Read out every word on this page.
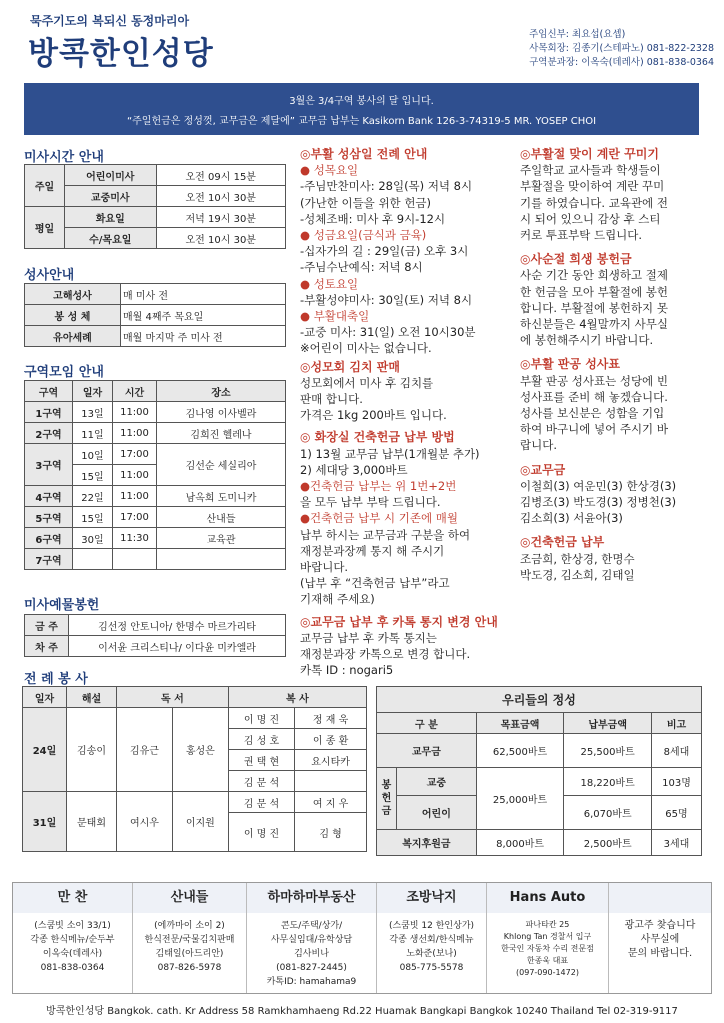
묵주기도의 복되신 동정마리아
방콕한인성당
주임신부: 최요섭(요셉)
사목회장: 김종기(스테파노) 081-822-2328
구역분과장: 이옥숙(데레사) 081-838-0364
3월은 3/4구역 봉사의 달 입니다.
“주일헌금은 정성껏, 교무금은 제달에” 교무금 납부는 Kasikorn Bank 126-3-74319-5 MR. YOSEP CHOI
미사시간 안내
주일	어린이미사	오전 09시 15분
	교중미사	오전 10시 30분
평일	화요일	저녁 19시 30분
	수/목요일	오전 10시 30분
성사안내
고해성사	매 미사 전
봉 성 체	매월 4째주 목요일
유아세례	매월 마지막 주 미사 전
구역모임 안내
구역	일자	시간	장소
1구역	13일	11:00	김나영 이사벨라
2구역	11일	11:00	김희진 헬레나
3구역	10일	17:00	김선순 세실리아
	15일	11:00	
4구역	22일	11:00	남옥희 도미니카
5구역	15일	17:00	산내들
6구역	30일	11:30	교육관
7구역			
미사예물봉헌
금 주	김선정 안토니아/ 한명수 마르가리타
차 주	이서윤 크리스티나/ 이다윤 미카엘라
◎부활 성삼일 전례 안내
● 성목요일
-주님만찬미사: 28일(목) 저녁 8시
(가난한 이들을 위한 헌금)
-성체조배: 미사 후 9시-12시
● 성금요일(금식과 금육)
-십자가의 길 : 29일(금) 오후 3시
-주님수난예식: 저녁 8시
● 성토요일
-부활성야미사: 30일(토) 저녁 8시
● 부활대축일
-교중 미사: 31(일) 오전 10시30분
※어린이 미사는 없습니다.
◎성모회 김치 판매
성모회에서 미사 후 김치를
판매 합니다.
가격은 1kg 200바트 입니다.
◎ 화장실 건축헌금 납부 방법
1) 13월 교무금 납부(1개월분 추가)
2) 세대당 3,000바트
●건축헌금 납부는 위 1번+2번
을 모두 납부 부탁 드립니다.
●건축헌금 납부 시 기존에 매월
납부 하시는 교무금과 구분을 하여
재정분과장께 통지 해 주시기
바랍니다.
(납부 후 “건축헌금 납부”라고
기재해 주세요)
◎교무금 납부 후 카톡 통지 변경 안내
교무금 납부 후 카톡 통지는
재정분과장 카톡으로 변경 합니다.
카톡 ID : nogari5
◎부활절 맞이 계란 꾸미기
주일학교 교사들과 학생들이
부활절을 맞이하여 계란 꾸미
기를 하였습니다. 교육관에 전
시 되어 있으니 감상 후 스티
커로 투표부탁 드립니다.
◎사순절 희생 봉헌금
사순 기간 동안 희생하고 절제
한 헌금을 모아 부활절에 봉헌
합니다. 부활절에 봉헌하지 못
하신분들은 4월말까지 사무실
에 봉헌해주시기 바랍니다.
◎부활 판공 성사표
부활 판공 성사표는 성당에 빈
성사표를 준비 해 놓겠습니다.
성사를 보신분은 성함을 기입
하여 바구니에 넣어 주시기 바
랍니다.
◎교무금
이철희(3) 여운민(3) 한상경(3)
김병조(3) 박도경(3) 정병천(3)
김소희(3) 서윤아(3)
◎건축헌금 납부
조금희, 한상경, 한명수
박도경, 김소희, 김태일
전 례 봉 사
일자	해설	독 서		복 사	
24일	김송이	김유근	홍성은	이 명 진	정 재 욱
				김 성 호	이 종 환
				권 택 현	요시타카
				김 문 석	
31일	문태회	여시우	이지원	김 문 석	여 지 우
				이 명 진	김 형
우리들의 정성				
구 분		목표금액	납부금액	비고
교무금		62,500바트	25,500바트	8세대
봉헌금	교중	25,000바트	18,220바트	103명
	어린이		6,070바트	65명
복지후원금		8,000바트	2,500바트	3세대
만 찬
(스쿰빗 소이 33/1)
각종 한식메뉴/순두부
이옥숙(데레사)
081-838-0364
산내들
(에까마이 소이 2)
한식전문/국물김치판매
김태일(아드리안)
087-826-5978
하마하마부동산
콘도/주택/상가/
사무실임대/유학상담
김사비나
(081-827-2445)
카톡ID: hamahama9
조방낙지
(스쿰빗 12 한인상가)
각종 생선회/한식메뉴
노화준(보나)
085-775-5578
Hans Auto
파나타칸 25
Khlong Tan 경찰서 입구
한국인 자동차 수리 전문점
한종욱 대표
(097-090-1472)
광고주 찾습니다
사무실에
문의 바랍니다.
방콕한인성당 Bangkok. cath. Kr Address 58 Ramkhamhaeng Rd.22 Huamak Bangkapi Bangkok 10240 Thailand Tel 02-319-9117
